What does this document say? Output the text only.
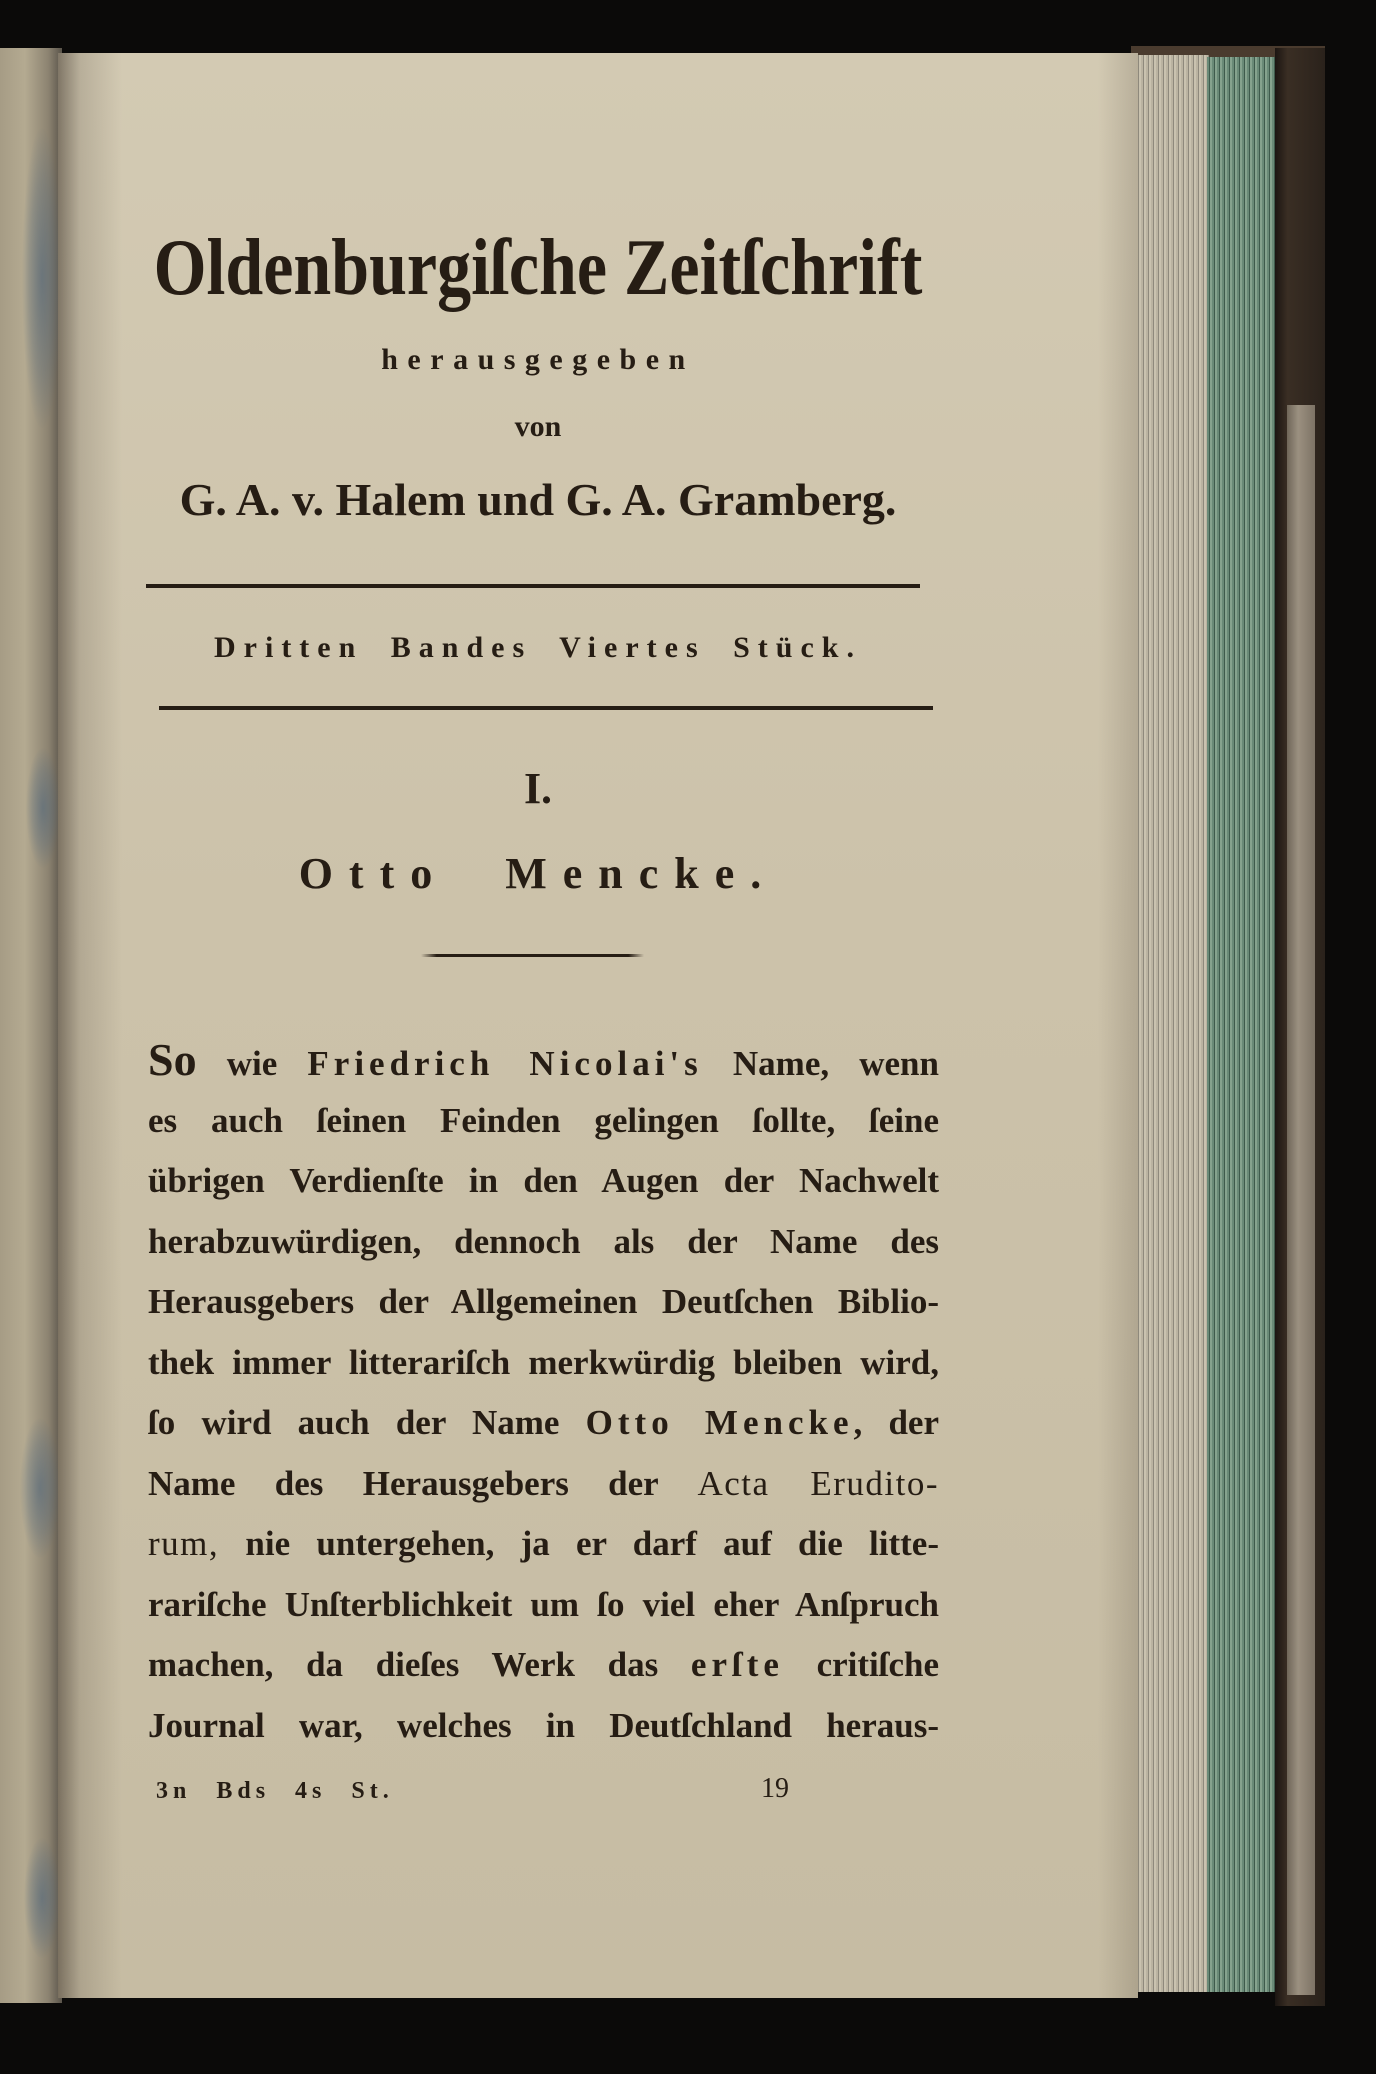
Oldenburgiſche Zeitſchrift
herausgegeben
von
G. A. v. Halem und G. A. Gramberg.
Dritten Bandes Viertes Stück.
I.
Otto Mencke.
So wie Friedrich Nicolai's Name, wenn
es auch ſeinen Feinden gelingen ſollte, ſeine
übrigen Verdienſte in den Augen der Nachwelt
herabzuwürdigen, dennoch als der Name des
Herausgebers der Allgemeinen Deutſchen Biblio-
thek immer litterariſch merkwürdig bleiben wird,
ſo wird auch der Name Otto Mencke, der
Name des Herausgebers der Acta Erudito-
rum, nie untergehen, ja er darf auf die litte-
rariſche Unſterblichkeit um ſo viel eher Anſpruch
machen, da dieſes Werk das erſte critiſche
Journal war, welches in Deutſchland heraus-
3n Bds 4s St.	19
